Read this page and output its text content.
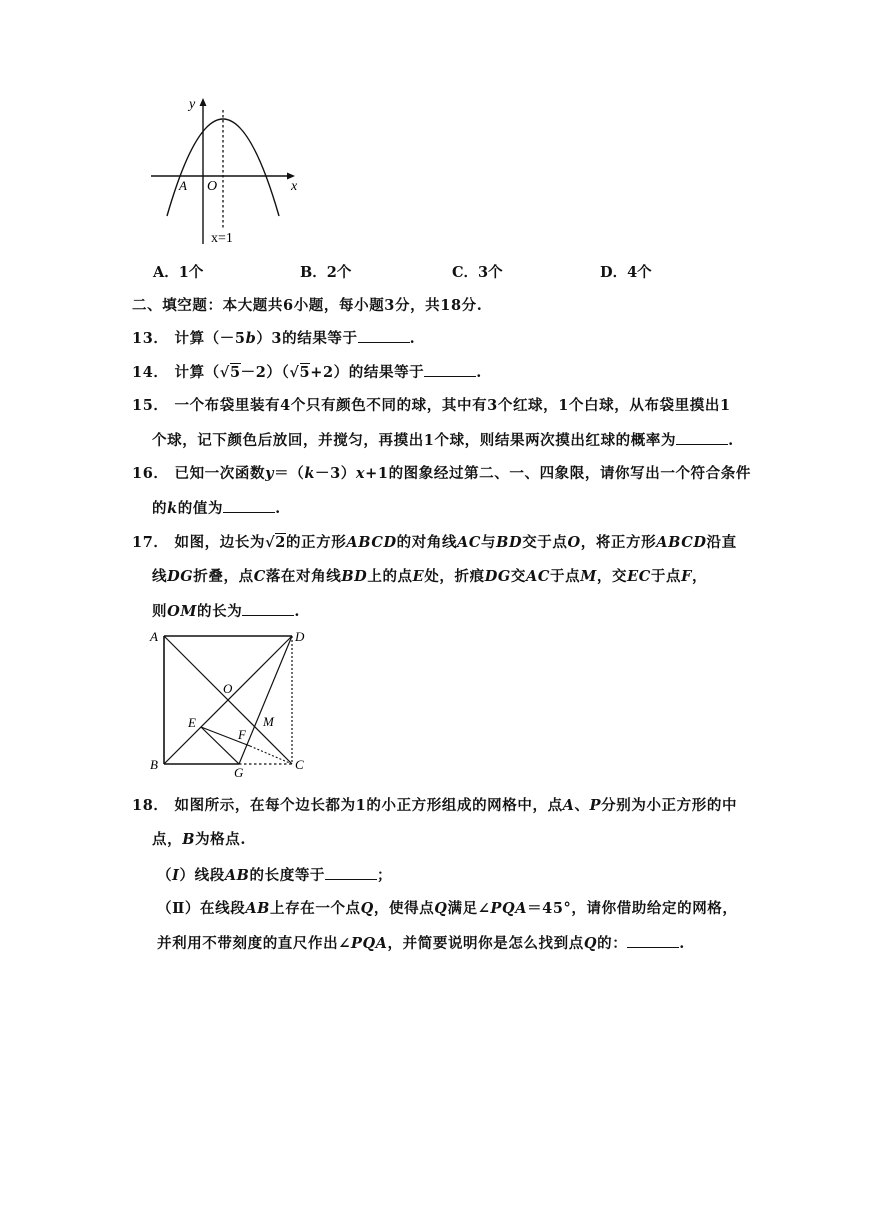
y
x
O
A
x=1
A．1个	B．2个	C．3个	D．4个
二、填空题：本大题共6小题，每小题3分，共18分.
13． 计算（－5b）3的结果等于	.
14． 计算（√5－2）（√5+2）的结果等于	.
15． 一个布袋里装有4个只有颜色不同的球，其中有3个红球，1个白球，从布袋里摸出1
个球，记下颜色后放回，并搅匀，再摸出1个球，则结果两次摸出红球的概率为	.
16． 已知一次函数y＝（k－3）x+1的图象经过第二、一、四象限，请你写出一个符合条件
的k的值为	.
17． 如图，边长为√2的正方形ABCD的对角线AC与BD交于点O，将正方形ABCD沿直
线DG折叠，点C落在对角线BD上的点E处，折痕DG交AC于点M，交EC于点F，
则OM的长为	.
A	D
O
E	M
F
B
G
C
18． 如图所示，在每个边长都为1的小正方形组成的网格中，点A、P分别为小正方形的中
点，B为格点.
（I）线段AB的长度等于	；
（Ⅱ）在线段AB上存在一个点Q，使得点Q满足∠PQA＝45°，请你借助给定的网格，
并利用不带刻度的直尺作出∠PQA，并简要说明你是怎么找到点Q的：	.
